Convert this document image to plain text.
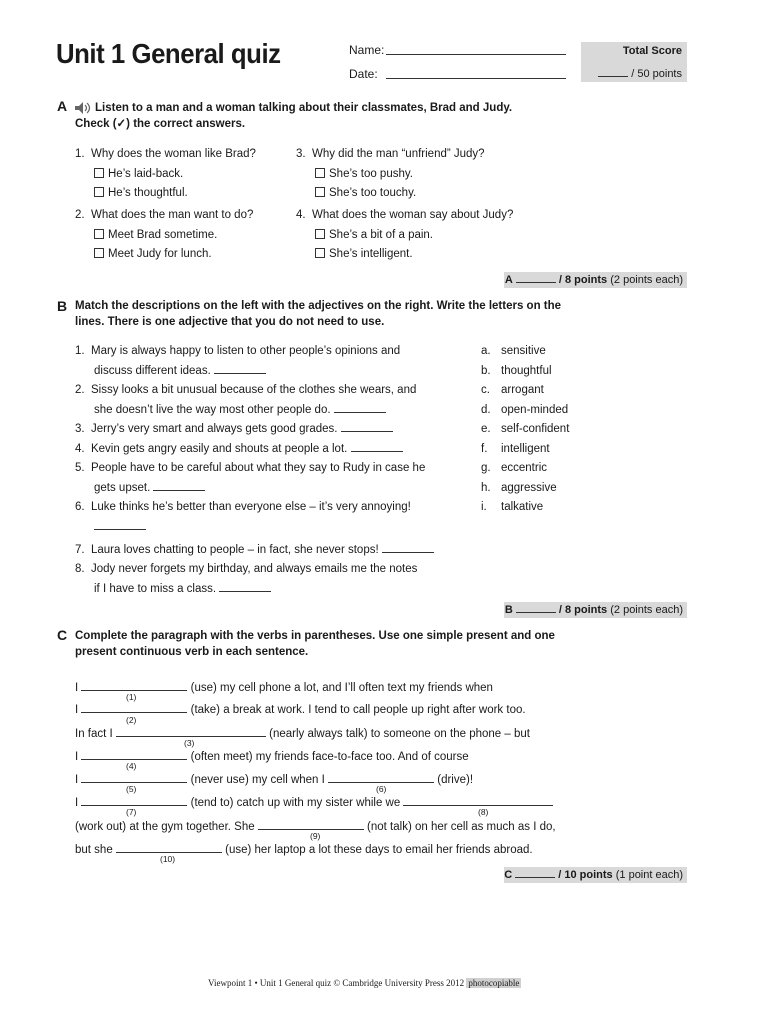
Unit 1 General quiz	Name:
Date:
Total Score
/ 50 points
A Listen to a man and a woman talking about their classmates, Brad and Judy.
Check (✓) the correct answers.
1. Why does the woman like Brad?
He’s laid-back.
He’s thoughtful.
2. What does the man want to do?
Meet Brad sometime.
Meet Judy for lunch.
3. Why did the man “unfriend” Judy?
She’s too pushy.
She’s too touchy.
4. What does the woman say about Judy?
She’s a bit of a pain.
She’s intelligent.
A	/ 8 points (2 points each)
B Match the descriptions on the left with the adjectives on the right. Write the letters on the
lines. There is one adjective that you do not need to use.
1. Mary is always happy to listen to other people’s opinions and
discuss different ideas.
2. Sissy looks a bit unusual because of the clothes she wears, and
she doesn’t live the way most other people do.
3. Jerry’s very smart and always gets good grades.
4. Kevin gets angry easily and shouts at people a lot.
5. People have to be careful about what they say to Rudy in case he
gets upset.
6. Luke thinks he’s better than everyone else – it’s very annoying!
7. Laura loves chatting to people – in fact, she never stops!
8. Jody never forgets my birthday, and always emails me the notes
if I have to miss a class.
a. sensitive
b. thoughtful
c. arrogant
d. open-minded
e. self-confident
f. intelligent
g. eccentric
h. aggressive
i. talkative
B	/ 8 points (2 points each)
C Complete the paragraph with the verbs in parentheses. Use one simple present and one
present continuous verb in each sentence.
I	(use) my cell phone a lot, and I’ll often text my friends when
(1)
I	(take) a break at work. I tend to call people up right after work too.
(2)
In fact I	(nearly always talk) to someone on the phone – but
(3)
I	(often meet) my friends face-to-face too. And of course
(4)
I	(never use) my cell when I	(drive)!
(5)	(6)
I	(tend to) catch up with my sister while we
(7)	(8)
(work out) at the gym together. She	(not talk) on her cell as much as I do,
(9)
but she	(use) her laptop a lot these days to email her friends abroad.
(10)
C	/ 10 points (1 point each)
Viewpoint 1 • Unit 1 General quiz © Cambridge University Press 2012 photocopiable
